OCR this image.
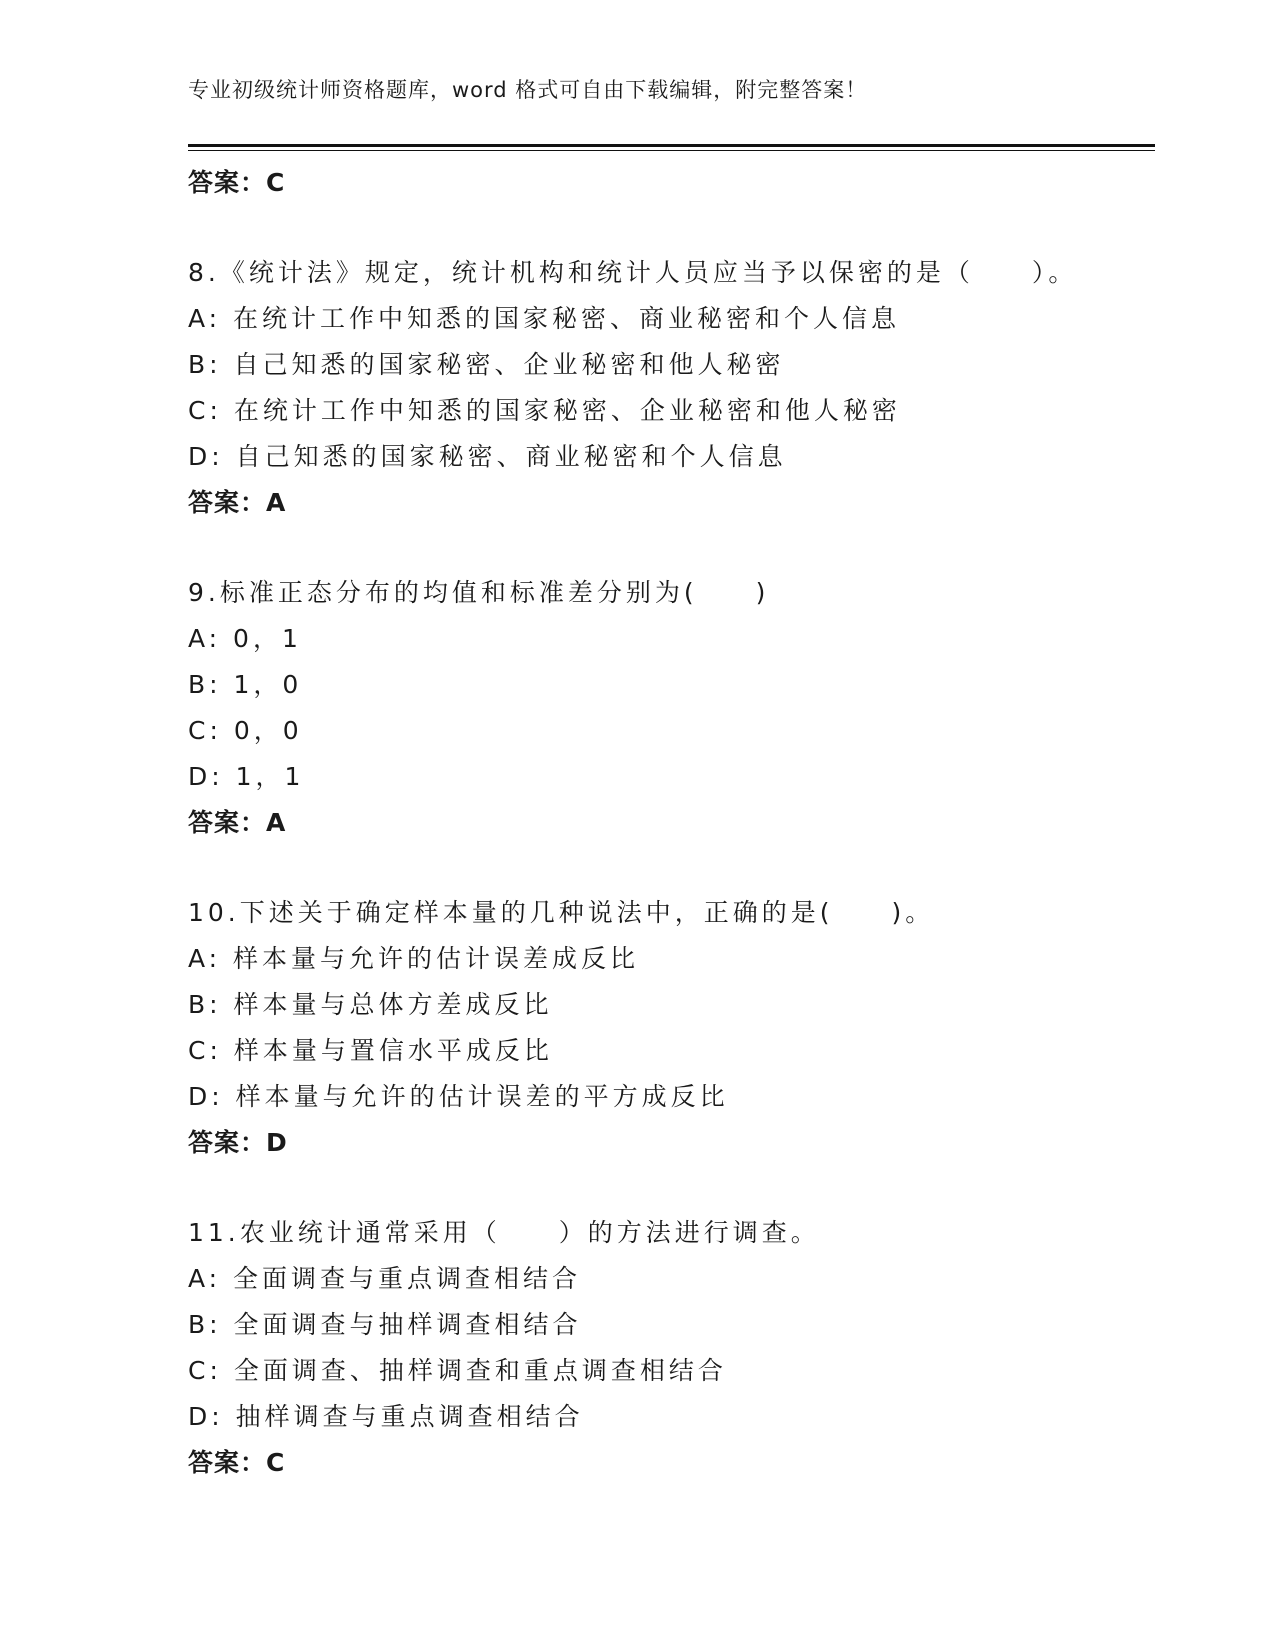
专业初级统计师资格题库，word 格式可自由下载编辑，附完整答案！
答案：C
8.《统计法》规定，统计机构和统计人员应当予以保密的是（　　）。
A: 在统计工作中知悉的国家秘密、商业秘密和个人信息
B: 自己知悉的国家秘密、企业秘密和他人秘密
C: 在统计工作中知悉的国家秘密、企业秘密和他人秘密
D: 自己知悉的国家秘密、商业秘密和个人信息
答案：A
9.标准正态分布的均值和标准差分别为(　　)
A: 0，1
B: 1，0
C: 0，0
D: 1，1
答案：A
10.下述关于确定样本量的几种说法中，正确的是(　　)。
A: 样本量与允许的估计误差成反比
B: 样本量与总体方差成反比
C: 样本量与置信水平成反比
D: 样本量与允许的估计误差的平方成反比
答案：D
11.农业统计通常采用（　　）的方法进行调查。
A: 全面调查与重点调查相结合
B: 全面调查与抽样调查相结合
C: 全面调查、抽样调查和重点调查相结合
D: 抽样调查与重点调查相结合
答案：C
